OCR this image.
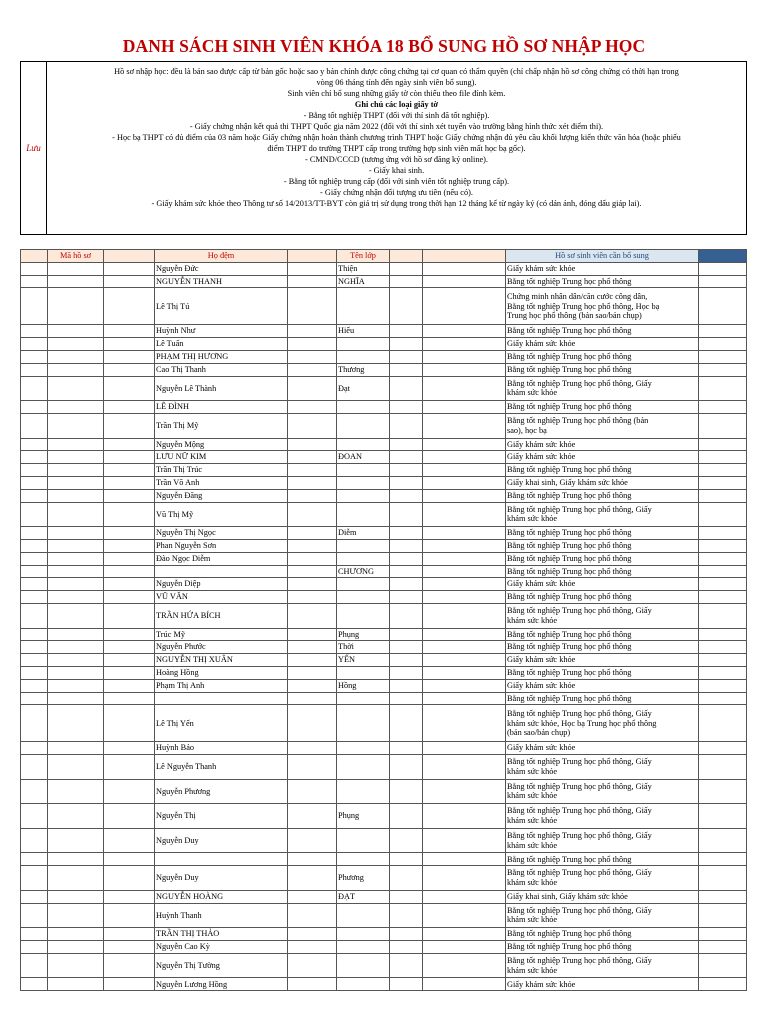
DANH SÁCH SINH VIÊN KHÓA 18 BỔ SUNG HỒ SƠ NHẬP HỌC
Lưu
Hồ sơ nhập học: đều là bản sao được cấp từ bản gốc hoặc sao y bản chính được công chứng tại cơ quan có thẩm quyền (chỉ chấp nhận hồ sơ công chứng có thời hạn trong
vòng 06 tháng tính đến ngày sinh viên bổ sung).
Sinh viên chỉ bổ sung những giấy tờ còn thiếu theo file đính kèm.
Ghi chú các loại giấy tờ
- Bằng tốt nghiệp THPT (đối với thí sinh đã tốt nghiệp).
- Giấy chứng nhận kết quả thi THPT Quốc gia năm 2022 (đối với thí sinh xét tuyển vào trường bằng hình thức xét điểm thi).
- Học bạ THPT có đủ điểm của 03 năm hoặc Giấy chứng nhận hoàn thành chương trình THPT hoặc Giấy chứng nhận đủ yêu cầu khối lượng kiến thức văn hóa (hoặc phiếu
điểm THPT do trường THPT cấp trong trường hợp sinh viên mất học bạ gốc).
- CMND/CCCD (tương ứng với hồ sơ đăng ký online).
- Giấy khai sinh.
- Bằng tốt nghiệp trung cấp (đối với sinh viên tốt nghiệp trung cấp).
- Giấy chứng nhận đối tượng ưu tiên (nếu có).
- Giấy khám sức khỏe theo Thông tư số 14/2013/TT-BYT còn giá trị sử dụng trong thời hạn 12 tháng kể từ ngày ký (có dán ảnh, đóng dấu giáp lai).
	Mã hồ sơ		Họ đệm		Tên lớp			Hồ sơ sinh viên cần bổ sung	
			Nguyễn Đức		Thiện			Giấy khám sức khỏe	

			NGUYỄN THANH		NGHĨA			Bằng tốt nghiệp Trung học phổ thông	

			Lê Thị Tú					Chứng minh nhân dân/căn cước công dân,
Bằng tốt nghiệp Trung học phổ thông, Học bạ
Trung học phổ thông (bản sao/bản chụp)	

			Huỳnh Như		Hiếu			Bằng tốt nghiệp Trung học phổ thông	

			Lê Tuấn					Giấy khám sức khỏe	

			PHẠM THỊ HƯƠNG					Bằng tốt nghiệp Trung học phổ thông	

			Cao Thị Thanh		Thương			Bằng tốt nghiệp Trung học phổ thông	

			Nguyễn Lê Thành		Đạt			Bằng tốt nghiệp Trung học phổ thông, Giấy
khám sức khỏe	

			LÊ ĐÌNH					Bằng tốt nghiệp Trung học phổ thông	

			Trần Thị Mỹ					Bằng tốt nghiệp Trung học phổ thông (bản
sao), học bạ	

			Nguyễn Mộng					Giấy khám sức khỏe	

			LƯU NỮ KIM		ĐOAN			Giấy khám sức khỏe	

			Trần Thị Trúc					Bằng tốt nghiệp Trung học phổ thông	

			Trần Võ Anh					Giấy khai sinh, Giấy khám sức khỏe	

			Nguyễn Đăng					Bằng tốt nghiệp Trung học phổ thông	

			Vũ Thị Mỹ					Bằng tốt nghiệp Trung học phổ thông, Giấy
khám sức khỏe	

			Nguyễn Thị Ngọc		Diễm			Bằng tốt nghiệp Trung học phổ thông	

			Phan Nguyễn Sơn					Bằng tốt nghiệp Trung học phổ thông	

			Đào Ngọc Diễm					Bằng tốt nghiệp Trung học phổ thông	

					CHƯƠNG			Bằng tốt nghiệp Trung học phổ thông	

			Nguyễn Diệp					Giấy khám sức khỏe	

			VŨ VĂN					Bằng tốt nghiệp Trung học phổ thông	

			TRẦN HỨA BÍCH					Bằng tốt nghiệp Trung học phổ thông, Giấy
khám sức khỏe	

			Trúc Mỹ		Phụng			Bằng tốt nghiệp Trung học phổ thông	

			Nguyễn Phước		Thời			Bằng tốt nghiệp Trung học phổ thông	

			NGUYỄN THỊ XUÂN		YẾN			Giấy khám sức khỏe	

			Hoàng Hồng					Bằng tốt nghiệp Trung học phổ thông	

			Phạm Thị Anh		Hồng			Giấy khám sức khỏe	

								Bằng tốt nghiệp Trung học phổ thông	

			Lê Thị Yến					Bằng tốt nghiệp Trung học phổ thông, Giấy
khám sức khỏe, Học bạ Trung học phổ thông
(bản sao/bản chụp)	

			Huỳnh Bảo					Giấy khám sức khỏe	

			Lê Nguyễn Thanh					Bằng tốt nghiệp Trung học phổ thông, Giấy
khám sức khỏe	

			Nguyễn Phương					Bằng tốt nghiệp Trung học phổ thông, Giấy
khám sức khỏe	

			Nguyễn Thị		Phụng			Bằng tốt nghiệp Trung học phổ thông, Giấy
khám sức khỏe	

			Nguyễn Duy					Bằng tốt nghiệp Trung học phổ thông, Giấy
khám sức khỏe	

								Bằng tốt nghiệp Trung học phổ thông	

			Nguyễn Duy		Phương			Bằng tốt nghiệp Trung học phổ thông, Giấy
khám sức khỏe	

			NGUYỄN HOÀNG		ĐẠT			Giấy khai sinh, Giấy khám sức khỏe	

			Huỳnh Thanh					Bằng tốt nghiệp Trung học phổ thông, Giấy
khám sức khỏe	

			TRẦN THỊ THẢO					Bằng tốt nghiệp Trung học phổ thông	

			Nguyễn Cao Kỳ					Bằng tốt nghiệp Trung học phổ thông	

			Nguyễn Thị Tường					Bằng tốt nghiệp Trung học phổ thông, Giấy
khám sức khỏe	

			Nguyễn Lương Hồng					Giấy khám sức khỏe	
